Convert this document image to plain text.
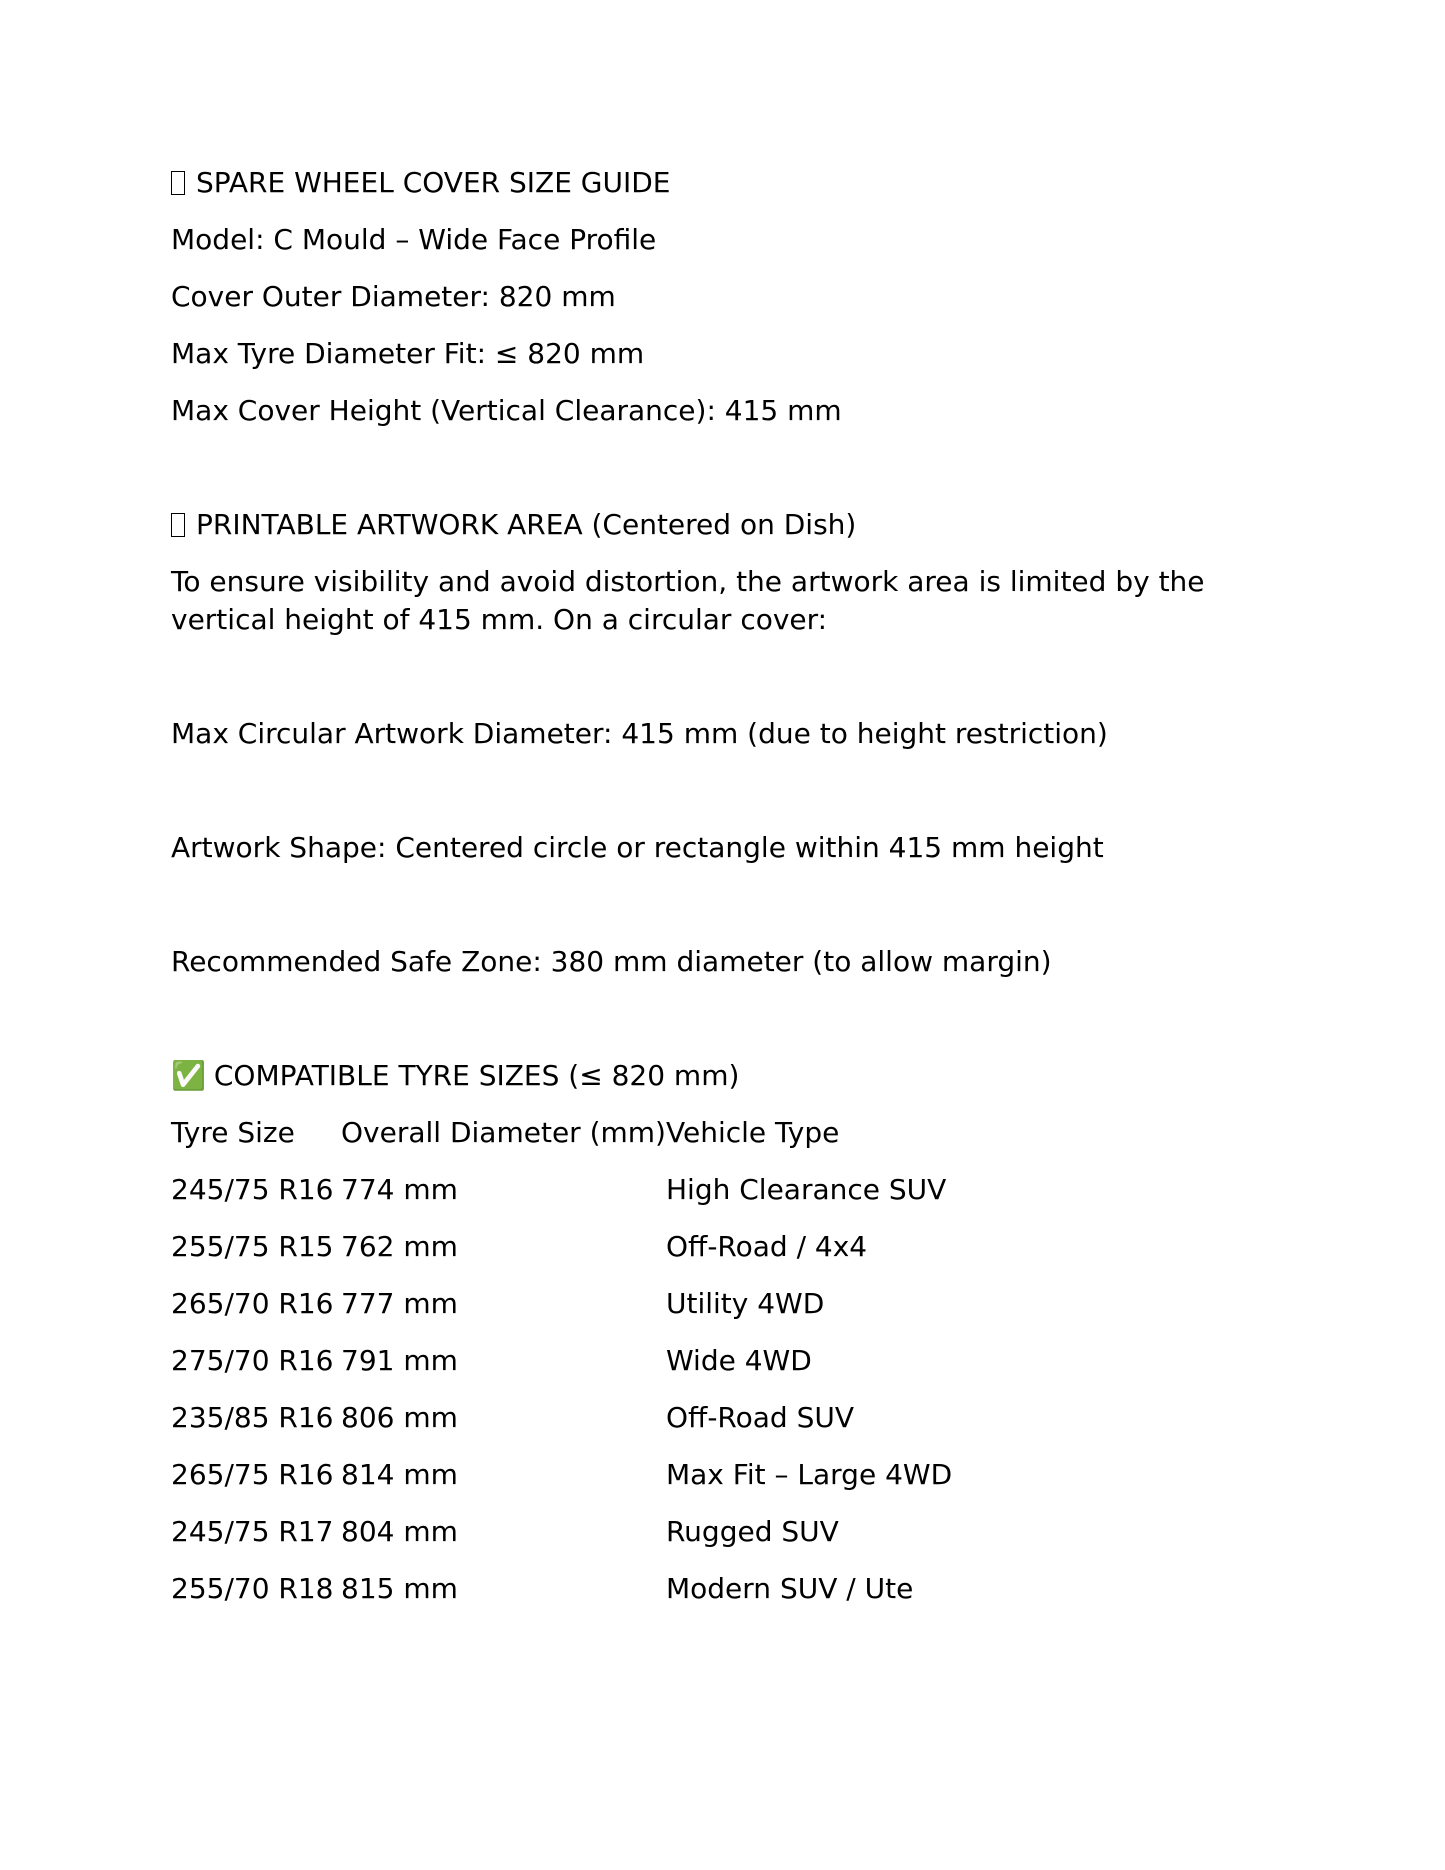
SPARE WHEEL COVER SIZE GUIDE
Model: C Mould – Wide Face Profile
Cover Outer Diameter: 820 mm
Max Tyre Diameter Fit: ≤ 820 mm
Max Cover Height (Vertical Clearance): 415 mm
PRINTABLE ARTWORK AREA (Centered on Dish)
To ensure visibility and avoid distortion, the artwork area is limited by the vertical height of 415 mm. On a circular cover:
Max Circular Artwork Diameter: 415 mm (due to height restriction)
Artwork Shape: Centered circle or rectangle within 415 mm height
Recommended Safe Zone: 380 mm diameter (to allow margin)
✅ COMPATIBLE TYRE SIZES (≤ 820 mm)
Tyre Size	Overall Diameter (mm)	Vehicle Type
245/75 R16	774 mm	High Clearance SUV
255/75 R15	762 mm	Off-Road / 4x4
265/70 R16	777 mm	Utility 4WD
275/70 R16	791 mm	Wide 4WD
235/85 R16	806 mm	Off-Road SUV
265/75 R16	814 mm	Max Fit – Large 4WD
245/75 R17	804 mm	Rugged SUV
255/70 R18	815 mm	Modern SUV / Ute
